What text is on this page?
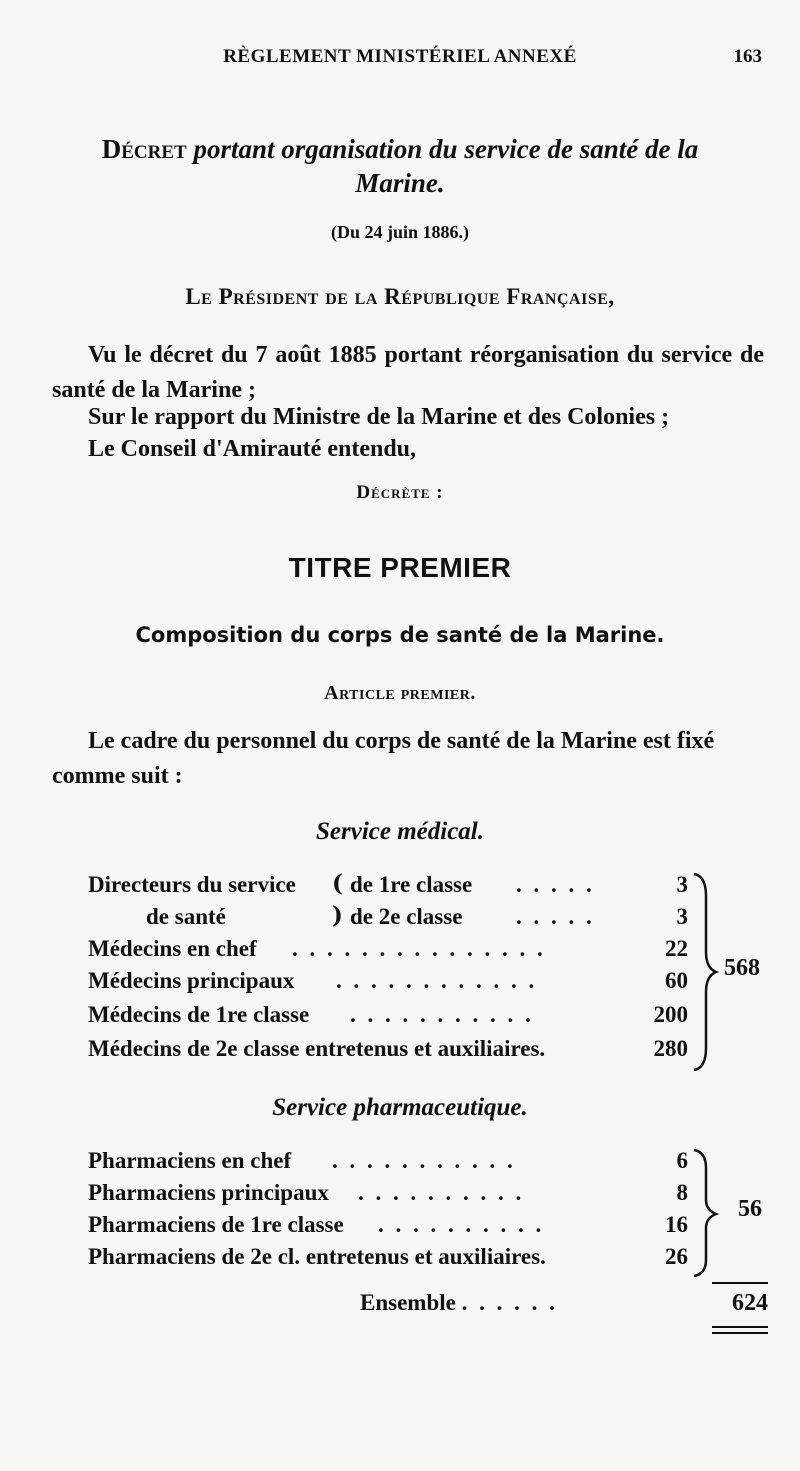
RÈGLEMENT MINISTÉRIEL ANNEXÉ	163
Décret portant organisation du service de santé de la
Marine.
(Du 24 juin 1886.)
Le Président de la République Française,
Vu le décret du 7 août 1885 portant réorganisation du service de santé de la Marine ;
Sur le rapport du Ministre de la Marine et des Colonies ;
Le Conseil d'Amirauté entendu,
Décrète :
TITRE PREMIER
Composition du corps de santé de la Marine.
Article premier.
Le cadre du personnel du corps de santé de la Marine est fixé comme suit :
Service médical.
Directeurs du service ( de 1re classe . . . . .	3
de santé	) de 2e classe . . . . .	3
Médecins en chef . . . . . . . . . . . . . . .	22
Médecins principaux . . . . . . . . . . . .	60
Médecins de 1re classe . . . . . . . . . . .	200
Médecins de 2e classe entretenus et auxiliaires.	280
568
Service pharmaceutique.
Pharmaciens en chef . . . . . . . . . . .	6
Pharmaciens principaux . . . . . . . . . .	8
Pharmaciens de 1re classe . . . . . . . . . .	16
Pharmaciens de 2e cl. entretenus et auxiliaires.	26
56
Ensemble . . . . . .	624
